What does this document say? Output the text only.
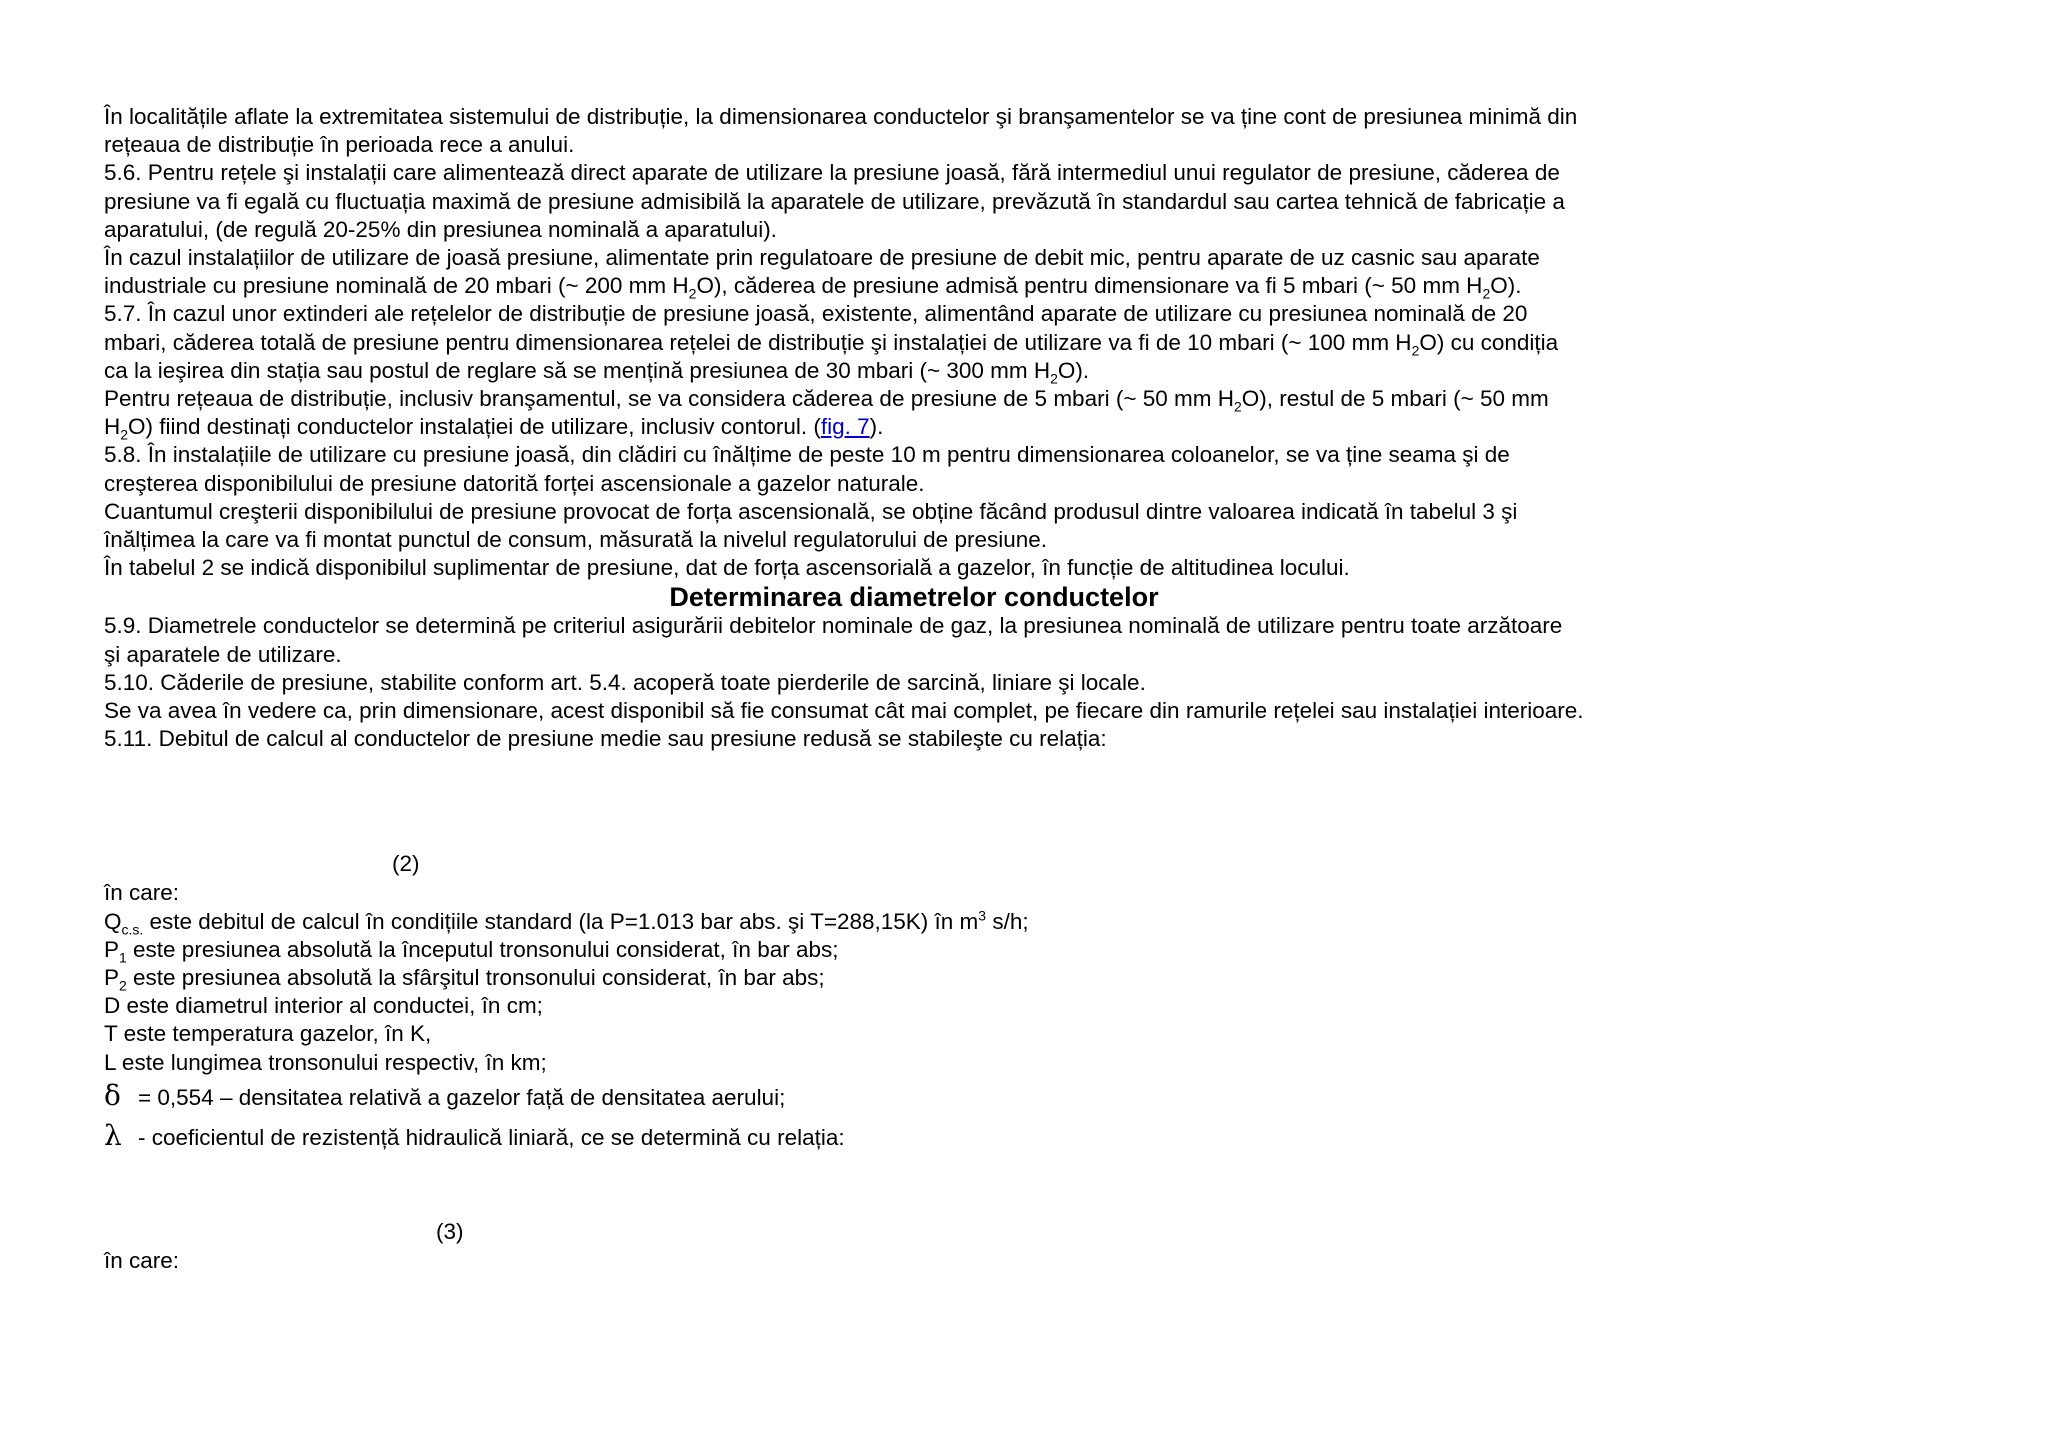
În localitățile aflate la extremitatea sistemului de distribuție, la dimensionarea conductelor şi branşamentelor se va ține cont de presiunea minimă din
rețeaua de distribuție în perioada rece a anului.
5.6. Pentru rețele şi instalații care alimentează direct aparate de utilizare la presiune joasă, fără intermediul unui regulator de presiune, căderea de
presiune va fi egală cu fluctuația maximă de presiune admisibilă la aparatele de utilizare, prevăzută în standardul sau cartea tehnică de fabricație a
aparatului, (de regulă 20-25% din presiunea nominală a aparatului).
În cazul instalațiilor de utilizare de joasă presiune, alimentate prin regulatoare de presiune de debit mic, pentru aparate de uz casnic sau aparate
industriale cu presiune nominală de 20 mbari (~ 200 mm $H_2O$), căderea de presiune admisă pentru dimensionare va fi 5 mbari (~ 50 mm $H_2O$).
5.7. În cazul unor extinderi ale rețelelor de distribuție de presiune joasă, existente, alimentând aparate de utilizare cu presiunea nominală de 20
mbari, căderea totală de presiune pentru dimensionarea rețelei de distribuție şi instalației de utilizare va fi de 10 mbari (~ 100 mm $H_2O$) cu condiția
ca la ieşirea din stația sau postul de reglare să se mențină presiunea de 30 mbari (~ 300 mm $H_2O$).
Pentru rețeaua de distribuție, inclusiv branşamentul, se va considera căderea de presiune de 5 mbari (~ 50 mm $H_2O$), restul de 5 mbari (~ 50 mm
$H_2O$) fiind destinați conductelor instalației de utilizare, inclusiv contorul. (fig. 7).
5.8. În instalațiile de utilizare cu presiune joasă, din clădiri cu înălțime de peste 10 m pentru dimensionarea coloanelor, se va ține seama şi de
creşterea disponibilului de presiune datorită forței ascensionale a gazelor naturale.
Cuantumul creşterii disponibilului de presiune provocat de forța ascensională, se obține făcând produsul dintre valoarea indicată în tabelul 3 şi
înălțimea la care va fi montat punctul de consum, măsurată la nivelul regulatorului de presiune.
În tabelul 2 se indică disponibilul suplimentar de presiune, dat de forța ascensorială a gazelor, în funcție de altitudinea locului.
Determinarea diametrelor conductelor
5.9. Diametrele conductelor se determină pe criteriul asigurării debitelor nominale de gaz, la presiunea nominală de utilizare pentru toate arzătoare
şi aparatele de utilizare.
5.10. Căderile de presiune, stabilite conform art. 5.4. acoperă toate pierderile de sarcină, liniare şi locale.
Se va avea în vedere ca, prin dimensionare, acest disponibil să fie consumat cât mai complet, pe fiecare din ramurile rețelei sau instalației interioare.
5.11. Debitul de calcul al conductelor de presiune medie sau presiune redusă se stabileşte cu relația:
(2)
în care:
$Q_{c.s.}$ este debitul de calcul în condițiile standard (la P=1.013 bar abs. şi T=288,15K) în $m^3$ s/h;
$P_1$ este presiunea absolută la începutul tronsonului considerat, în bar abs;
$P_2$ este presiunea absolută la sfârşitul tronsonului considerat, în bar abs;
D este diametrul interior al conductei, în cm;
T este temperatura gazelor, în K,
L este lungimea tronsonului respectiv, în km;
δ = 0,554 – densitatea relativă a gazelor față de densitatea aerului;
λ - coeficientul de rezistență hidraulică liniară, ce se determină cu relația:
(3)
în care:
